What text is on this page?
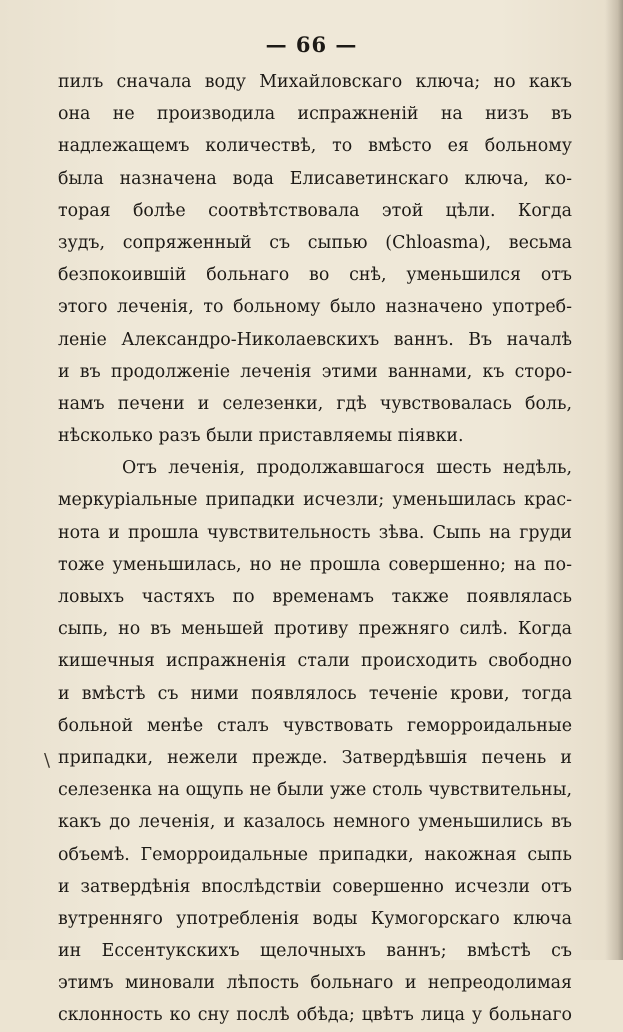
— 66 —
пилъ сначала воду Михайловскаго ключа; но какъ
она не производила испражненій на низъ въ
надлежащемъ количествѣ, то вмѣсто ея больному
была назначена вода Елисаветинскаго ключа, ко-
торая болѣе соотвѣтствовала этой цѣли. Когда
зудъ, сопряженный съ сыпью (Chloasma), весьма
безпокоившій больнаго во снѣ, уменьшился отъ
этого леченія, то больному было назначено употреб-
леніе Александро-Николаевскихъ ваннъ. Въ началѣ
и въ продолженіе леченія этими ваннами, къ сторо-
намъ печени и селезенки, гдѣ чувствовалась боль,
нѣсколько разъ были приставляемы піявки.
Отъ леченія, продолжавшагося шесть недѣль,
меркуріальные припадки исчезли; уменьшилась крас-
нота и прошла чувствительность зѣва. Сыпь на груди
тоже уменьшилась, но не прошла совершенно; на по-
ловыхъ частяхъ по временамъ также появлялась
сыпь, но въ меньшей противу прежняго силѣ. Когда
кишечныя испражненія стали происходить свободно
и вмѣстѣ съ ними появлялось теченіе крови, тогда
больной менѣе сталъ чувствовать геморроидальные
припадки, нежели прежде. Затвердѣвшія печень и
селезенка на ощупь не были уже столь чувствительны,
какъ до леченія, и казалось немного уменьшились въ
объемѣ. Геморроидальные припадки, накожная сыпь
и затвердѣнія впослѣдствіи совершенно исчезли отъ
вутренняго употребленія воды Кумогорскаго ключа
ин Ессентукскихъ щелочныхъ ваннъ; вмѣстѣ съ
этимъ миновали лѣпость больнаго и непреодолимая
склонность ко сну послѣ обѣда; цвѣтъ лица у больнаго
\
